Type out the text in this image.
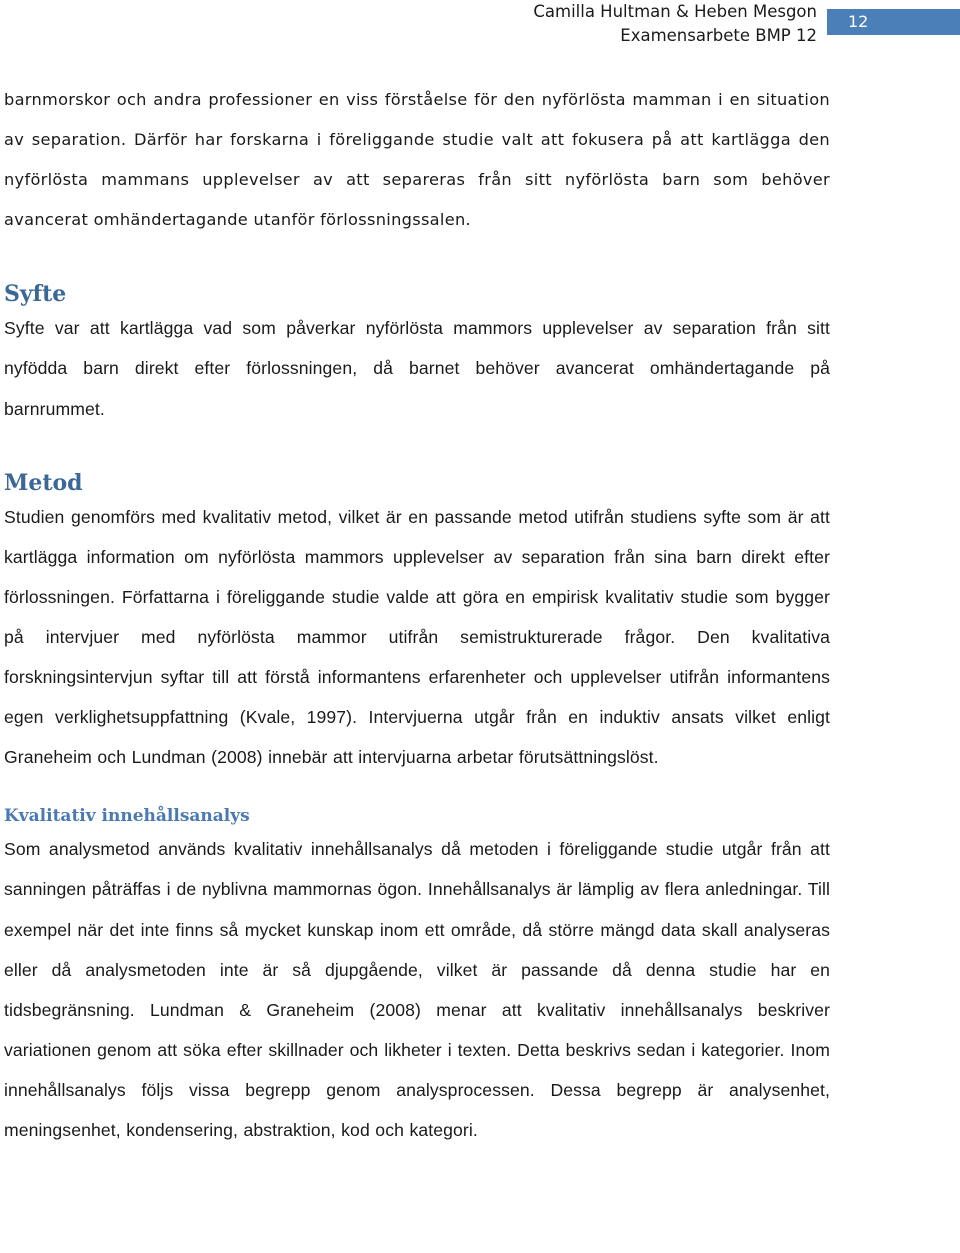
Camilla Hultman & Heben Mesgon
Examensarbete BMP 12
12

barnmorskor och andra professioner en viss förståelse för den nyförlösta mamman i en situation av separation. Därför har forskarna i föreliggande studie valt att fokusera på att kartlägga den nyförlösta mammans upplevelser av att separeras från sitt nyförlösta barn som behöver avancerat omhändertagande utanför förlossningssalen.

Syfte

Syfte var att kartlägga vad som påverkar nyförlösta mammors upplevelser av separation från sitt nyfödda barn direkt efter förlossningen, då barnet behöver avancerat omhändertagande på barnrummet.

Metod

Studien genomförs med kvalitativ metod, vilket är en passande metod utifrån studiens syfte som är att kartlägga information om nyförlösta mammors upplevelser av separation från sina barn direkt efter förlossningen. Författarna i föreliggande studie valde att göra en empirisk kvalitativ studie som bygger på intervjuer med nyförlösta mammor utifrån semistrukturerade frågor. Den kvalitativa forskningsintervjun syftar till att förstå informantens erfarenheter och upplevelser utifrån informantens egen verklighetsuppfattning (Kvale, 1997). Intervjuerna utgår från en induktiv ansats vilket enligt Graneheim och Lundman (2008) innebär att intervjuarna arbetar förutsättningslöst.

Kvalitativ innehållsanalys

Som analysmetod används kvalitativ innehållsanalys då metoden i föreliggande studie utgår från att sanningen påträffas i de nyblivna mammornas ögon. Innehållsanalys är lämplig av flera anledningar. Till exempel när det inte finns så mycket kunskap inom ett område, då större mängd data skall analyseras eller då analysmetoden inte är så djupgående, vilket är passande då denna studie har en tidsbegränsning. Lundman & Graneheim (2008) menar att kvalitativ innehållsanalys beskriver variationen genom att söka efter skillnader och likheter i texten. Detta beskrivs sedan i kategorier. Inom innehållsanalys följs vissa begrepp genom analysprocessen. Dessa begrepp är analysenhet, meningsenhet, kondensering, abstraktion, kod och kategori.
